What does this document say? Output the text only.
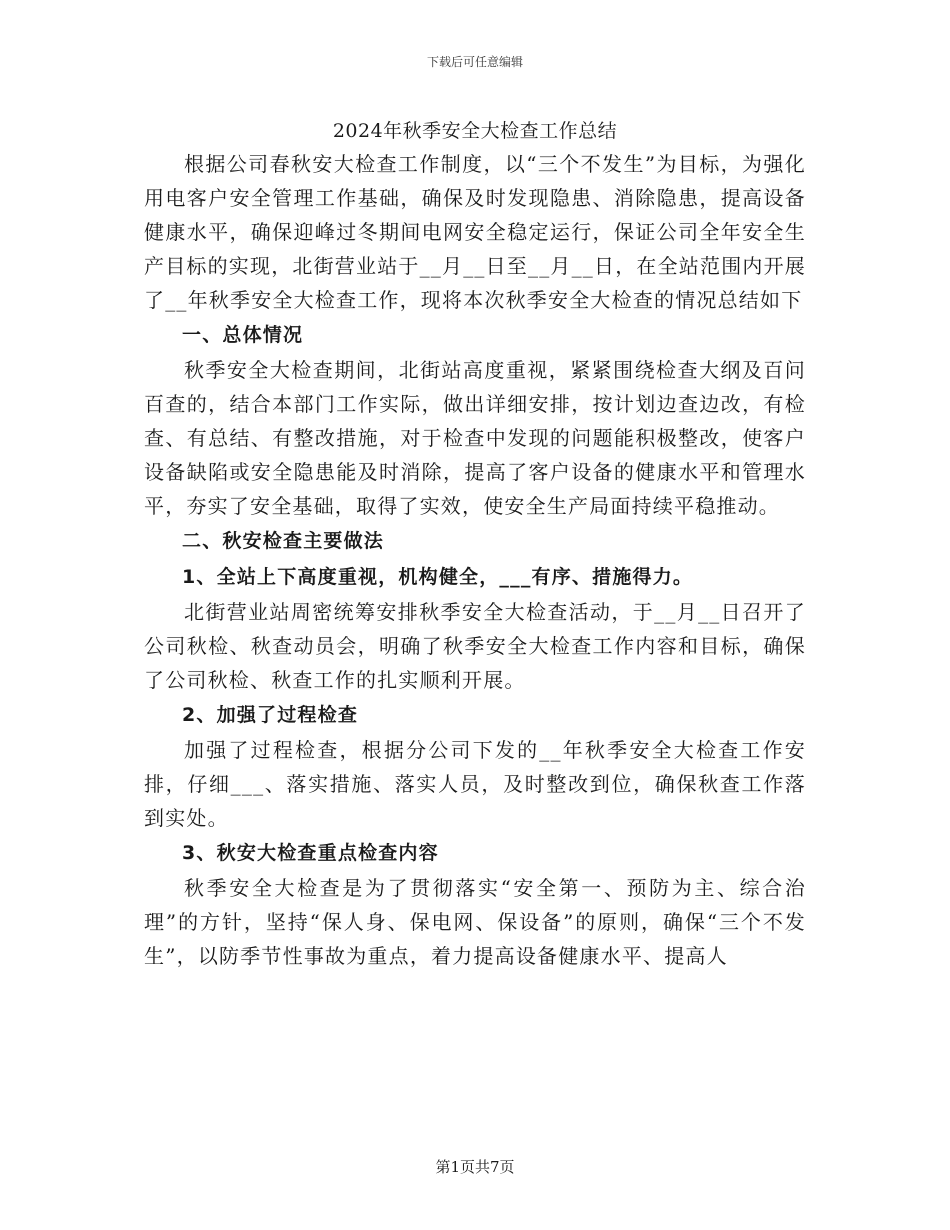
下载后可任意编辑
2024年秋季安全大检查工作总结

根据公司春秋安大检查工作制度，以“三个不发生”为目标，为强化用电客户安全管理工作基础，确保及时发现隐患、消除隐患，提高设备健康水平，确保迎峰过冬期间电网安全稳定运行，保证公司全年安全生产目标的实现，北街营业站于__月__日至__月__日，在全站范围内开展了__年秋季安全大检查工作，现将本次秋季安全大检查的情况总结如下

一、总体情况

秋季安全大检查期间，北街站高度重视，紧紧围绕检查大纲及百问百查的，结合本部门工作实际，做出详细安排，按计划边查边改，有检查、有总结、有整改措施，对于检查中发现的问题能积极整改，使客户设备缺陷或安全隐患能及时消除，提高了客户设备的健康水平和管理水平，夯实了安全基础，取得了实效，使安全生产局面持续平稳推动。

二、秋安检查主要做法

1、全站上下高度重视，机构健全，___有序、措施得力。

北街营业站周密统筹安排秋季安全大检查活动，于__月__日召开了公司秋检、秋查动员会，明确了秋季安全大检查工作内容和目标，确保了公司秋检、秋查工作的扎实顺利开展。

2、加强了过程检查

加强了过程检查，根据分公司下发的__年秋季安全大检查工作安排，仔细___、落实措施、落实人员，及时整改到位，确保秋查工作落到实处。

3、秋安大检查重点检查内容

秋季安全大检查是为了贯彻落实“安全第一、预防为主、综合治理”的方针，坚持“保人身、保电网、保设备”的原则，确保“三个不发生”，以防季节性事故为重点，着力提高设备健康水平、提高人

第1页共7页
